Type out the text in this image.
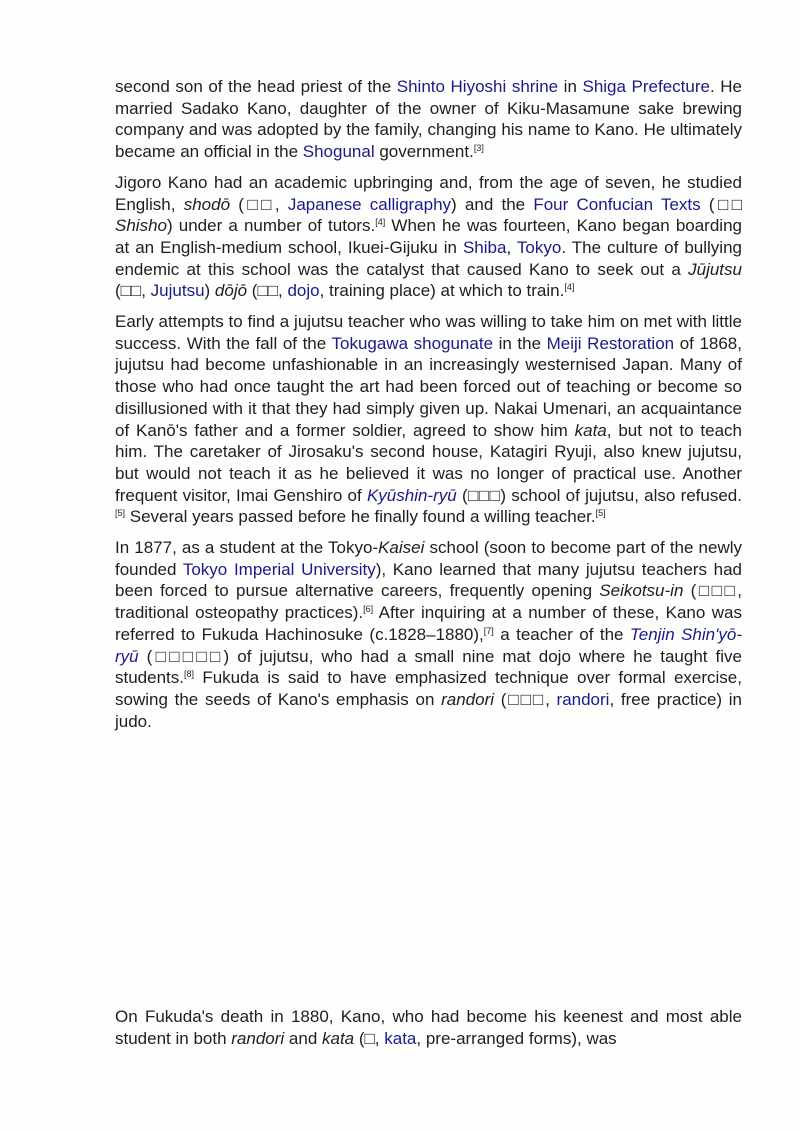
second son of the head priest of the Shinto Hiyoshi shrine in Shiga Prefecture. He married Sadako Kano, daughter of the owner of Kiku-Masamune sake brewing company and was adopted by the family, changing his name to Kano. He ultimately became an official in the Shogunal government.[3]

Jigoro Kano had an academic upbringing and, from the age of seven, he studied English, shodō (□□, Japanese calligraphy) and the Four Confucian Texts (□□ Shisho) under a number of tutors.[4] When he was fourteen, Kano began boarding at an English-medium school, Ikuei-Gijuku in Shiba, Tokyo. The culture of bullying endemic at this school was the catalyst that caused Kano to seek out a Jūjutsu (□□, Jujutsu) dōjō (□□, dojo, training place) at which to train.[4]

Early attempts to find a jujutsu teacher who was willing to take him on met with little success. With the fall of the Tokugawa shogunate in the Meiji Restoration of 1868, jujutsu had become unfashionable in an increasingly westernised Japan. Many of those who had once taught the art had been forced out of teaching or become so disillusioned with it that they had simply given up. Nakai Umenari, an acquaintance of Kanō's father and a former soldier, agreed to show him kata, but not to teach him. The caretaker of Jirosaku's second house, Katagiri Ryuji, also knew jujutsu, but would not teach it as he believed it was no longer of practical use. Another frequent visitor, Imai Genshiro of Kyūshin-ryū (□□□) school of jujutsu, also refused.[5] Several years passed before he finally found a willing teacher.[5]

In 1877, as a student at the Tokyo-Kaisei school (soon to become part of the newly founded Tokyo Imperial University), Kano learned that many jujutsu teachers had been forced to pursue alternative careers, frequently opening Seikotsu-in (□□□, traditional osteopathy practices).[6] After inquiring at a number of these, Kano was referred to Fukuda Hachinosuke (c.1828–1880),[7] a teacher of the Tenjin Shin'yō-ryū (□□□□□) of jujutsu, who had a small nine mat dojo where he taught five students.[8] Fukuda is said to have emphasized technique over formal exercise, sowing the seeds of Kano's emphasis on randori (□□□, randori, free practice) in judo.

On Fukuda's death in 1880, Kano, who had become his keenest and most able student in both randori and kata (□, kata, pre-arranged forms), was
